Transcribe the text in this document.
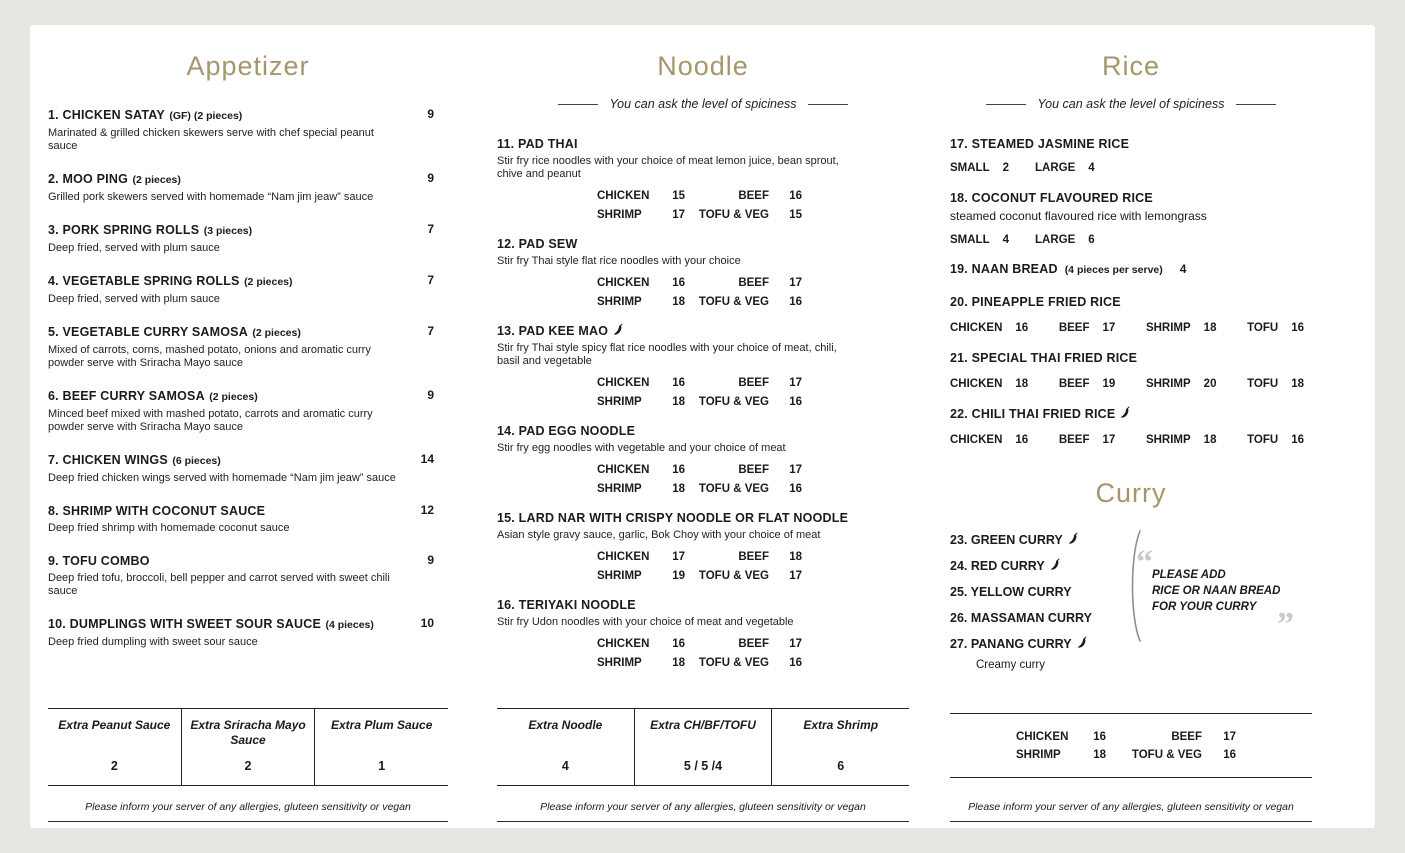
Appetizer
1. CHICKEN SATAY (GF) (2 pieces)
Marinated & grilled chicken skewers serve with chef special peanut sauce
9
2. MOO PING (2 pieces)
Grilled pork skewers served with homemade “Nam jim jeaw” sauce
9
3. PORK SPRING ROLLS (3 pieces)
Deep fried, served with plum sauce
7
4. VEGETABLE SPRING ROLLS (2 pieces)
Deep fried, served with plum sauce
7
5. VEGETABLE CURRY SAMOSA (2 pieces)
Mixed of carrots, corns, mashed potato, onions and aromatic curry powder serve with Sriracha Mayo sauce
7
6. BEEF CURRY SAMOSA (2 pieces)
Minced beef mixed with mashed potato, carrots and aromatic curry powder serve with Sriracha Mayo sauce
9
7. CHICKEN WINGS (6 pieces)
Deep fried chicken wings served with homemade “Nam jim jeaw” sauce
14
8. SHRIMP WITH COCONUT SAUCE
Deep fried shrimp with homemade coconut sauce
12
9. TOFU COMBO
Deep fried tofu, broccoli, bell pepper and carrot served with sweet chili sauce
9
10. DUMPLINGS WITH SWEET SOUR SAUCE (4 pieces)
Deep fried dumpling with sweet sour sauce
10
Extra Peanut Sauce
2
Extra Sriracha Mayo Sauce
2
Extra Plum Sauce
1
Please inform your server of any allergies, gluteen sensitivity or vegan
Noodle
You can ask the level of spiciness
11. PAD THAI
Stir fry rice noodles with your choice of meat lemon juice, bean sprout, chive and peanut
CHICKEN	15	BEEF	16
SHRIMP	17	TOFU & VEG	15
12. PAD SEW
Stir fry Thai style flat rice noodles with your choice
CHICKEN	16	BEEF	17
SHRIMP	18	TOFU & VEG	16
13. PAD KEE MAO
Stir fry Thai style spicy flat rice noodles with your choice of meat, chili, basil and vegetable
CHICKEN	16	BEEF	17
SHRIMP	18	TOFU & VEG	16
14. PAD EGG NOODLE
Stir fry egg noodles with vegetable and your choice of meat
CHICKEN	16	BEEF	17
SHRIMP	18	TOFU & VEG	16
15. LARD NAR WITH CRISPY NOODLE OR FLAT NOODLE
Asian style gravy sauce, garlic, Bok Choy with your choice of meat
CHICKEN	17	BEEF	18
SHRIMP	19	TOFU & VEG	17
16. TERIYAKI NOODLE
Stir fry Udon noodles with your choice of meat and vegetable
CHICKEN	16	BEEF	17
SHRIMP	18	TOFU & VEG	16
Extra Noodle
4
Extra CH/BF/TOFU
5 / 5 /4
Extra Shrimp
6
Please inform your server of any allergies, gluteen sensitivity or vegan
Rice
You can ask the level of spiciness
17. STEAMED JASMINE RICE
SMALL 2 LARGE 4
18. COCONUT FLAVOURED RICE
steamed coconut flavoured rice with lemongrass
SMALL 4 LARGE 6
19. NAAN BREAD (4 pieces per serve) 4
20. PINEAPPLE FRIED RICE
CHICKEN 16	BEEF 17	SHRIMP 18	TOFU 16
21. SPECIAL THAI FRIED RICE
CHICKEN 18	BEEF 19	SHRIMP 20	TOFU 18
22. CHILI THAI FRIED RICE
CHICKEN 16	BEEF 17	SHRIMP 18	TOFU 16
Curry
23. GREEN CURRY
24. RED CURRY
25. YELLOW CURRY
26. MASSAMAN CURRY
27. PANANG CURRY
Creamy curry
“ PLEASE ADD
RICE OR NAAN BREAD
FOR YOUR CURRY ”
CHICKEN	16	BEEF	17
SHRIMP	18	TOFU & VEG	16
Please inform your server of any allergies, gluteen sensitivity or vegan
